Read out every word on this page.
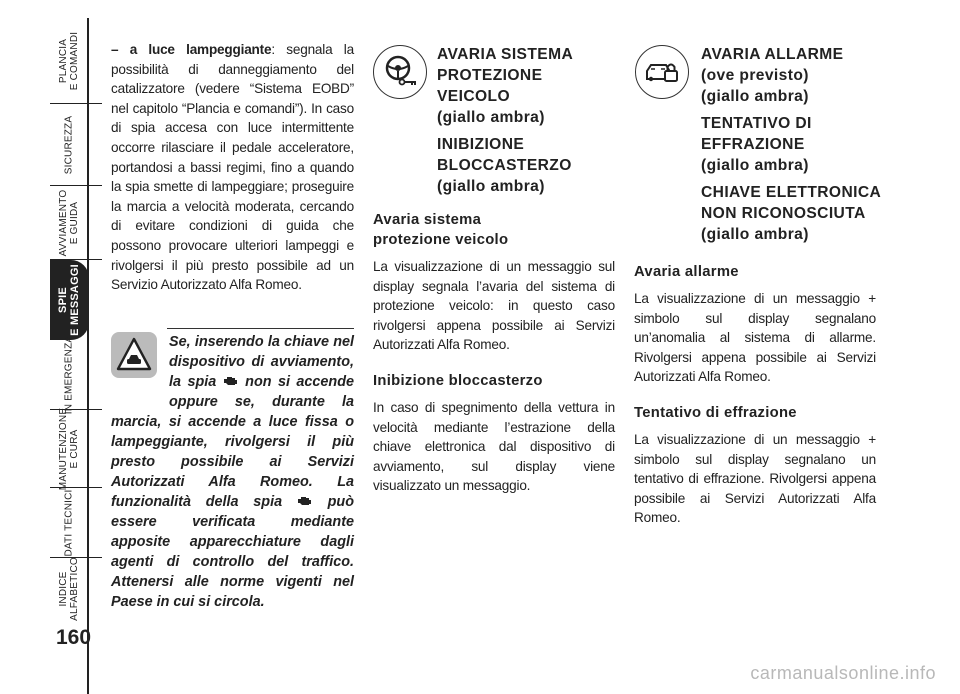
PLANCIA
E COMANDI
SICUREZZA
AVVIAMENTO
E GUIDA
SPIE
E MESSAGGI
IN EMERGENZA
MANUTENZIONE
E CURA
DATI TECNICI
INDICE
ALFABETICO
160

– a luce lampeggiante: segnala la possibilità di danneggiamento del catalizzatore (vedere “Sistema EOBD” nel capitolo “Plancia e comandi”). In caso di spia accesa con luce intermittente occorre rilasciare il pedale acceleratore, portandosi a bassi regimi, fino a quando la spia smette di lampeggiare; proseguire la marcia a velocità moderata, cercando di evitare condizioni di guida che possono provocare ulteriori lampeggi e rivolgersi il più presto possibile ad un Servizio Autorizzato Alfa Romeo.

Se, inserendo la chiave nel dispositivo di avviamento, la spia non si accende oppure se, durante la marcia, si accende a luce fissa o lampeggiante, rivolgersi il più presto possibile ai Servizi Autorizzati Alfa Romeo. La funzionalità della spia	può essere verificata mediante apposite apparecchiature dagli agenti di controllo del traffico. Attenersi alle norme vigenti nel Paese in cui si circola.
AVARIA SISTEMA
PROTEZIONE
VEICOLO
(giallo ambra)
INIBIZIONE
BLOCCASTERZO
(giallo ambra)
Avaria sistema
protezione veicolo

La visualizzazione di un messaggio sul display segnala l’avaria del sistema di protezione veicolo: in questo caso rivolgersi appena possibile ai Servizi Autorizzati Alfa Romeo.

Inibizione bloccasterzo

In caso di spegnimento della vettura in velocità mediante l’estrazione della chiave elettronica dal dispositivo di avviamento, sul display viene visualizzato un messaggio.

AVARIA ALLARME
(ove previsto)
(giallo ambra)
TENTATIVO DI
EFFRAZIONE
(giallo ambra)
CHIAVE ELETTRONICA
NON RICONOSCIUTA
(giallo ambra)
Avaria allarme

La visualizzazione di un messaggio + simbolo sul display segnalano un’anomalia al sistema di allarme. Rivolgersi appena possibile ai Servizi Autorizzati Alfa Romeo.

Tentativo di effrazione

La visualizzazione di un messaggio + simbolo sul display segnalano un tentativo di effrazione. Rivolgersi appena possibile ai Servizi Autorizzati Alfa Romeo.

carmanualsonline.info
